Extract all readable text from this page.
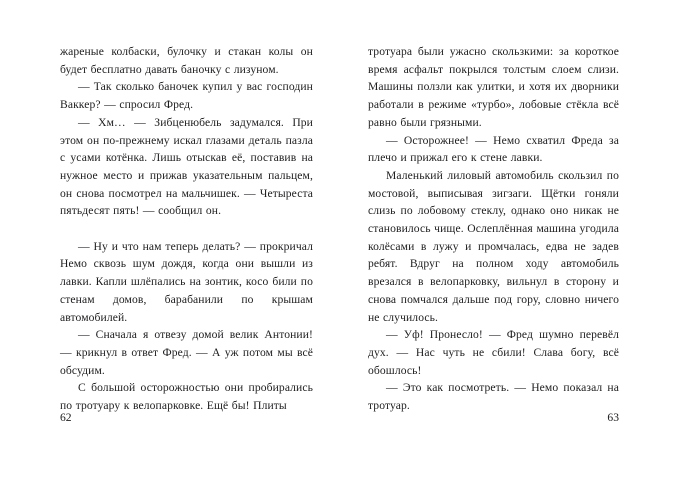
жареные колбаски, булочку и стакан колы он будет бесплатно давать баночку с лизуном.

— Так сколько баночек купил у вас господин Ваккер? — спросил Фред.

— Хм… — Зибценюбель задумался. При этом он по-прежнему искал глазами деталь пазла с усами котёнка. Лишь отыскав её, поставив на нужное место и прижав указательным пальцем, он снова посмотрел на мальчишек. — Четыреста пятьдесят пять! — сообщил он.

— Ну и что нам теперь делать? — прокричал Немо сквозь шум дождя, когда они вышли из лавки. Капли шлёпались на зонтик, косо били по стенам домов, барабанили по крышам автомобилей.

— Сначала я отвезу домой велик Антонии! — крикнул в ответ Фред. — А уж потом мы всё обсудим.

С большой осторожностью они пробирались по тротуару к велопарковке. Ещё бы! Плиты

тротуара были ужасно скользкими: за короткое время асфальт покрылся толстым слоем слизи. Машины ползли как улитки, и хотя их дворники работали в режиме «турбо», лобовые стёкла всё равно были грязными.

— Осторожнее! — Немо схватил Фреда за плечо и прижал его к стене лавки.

Маленький лиловый автомобиль скользил по мостовой, выписывая зигзаги. Щётки гоняли слизь по лобовому стеклу, однако оно никак не становилось чище. Ослеплённая машина угодила колёсами в лужу и промчалась, едва не задев ребят. Вдруг на полном ходу автомобиль врезался в велопарковку, вильнул в сторону и снова помчался дальше под гору, словно ничего не случилось.

— Уф! Пронесло! — Фред шумно перевёл дух. — Нас чуть не сбили! Слава богу, всё обошлось!

— Это как посмотреть. — Немо показал на тротуар.

62	63
